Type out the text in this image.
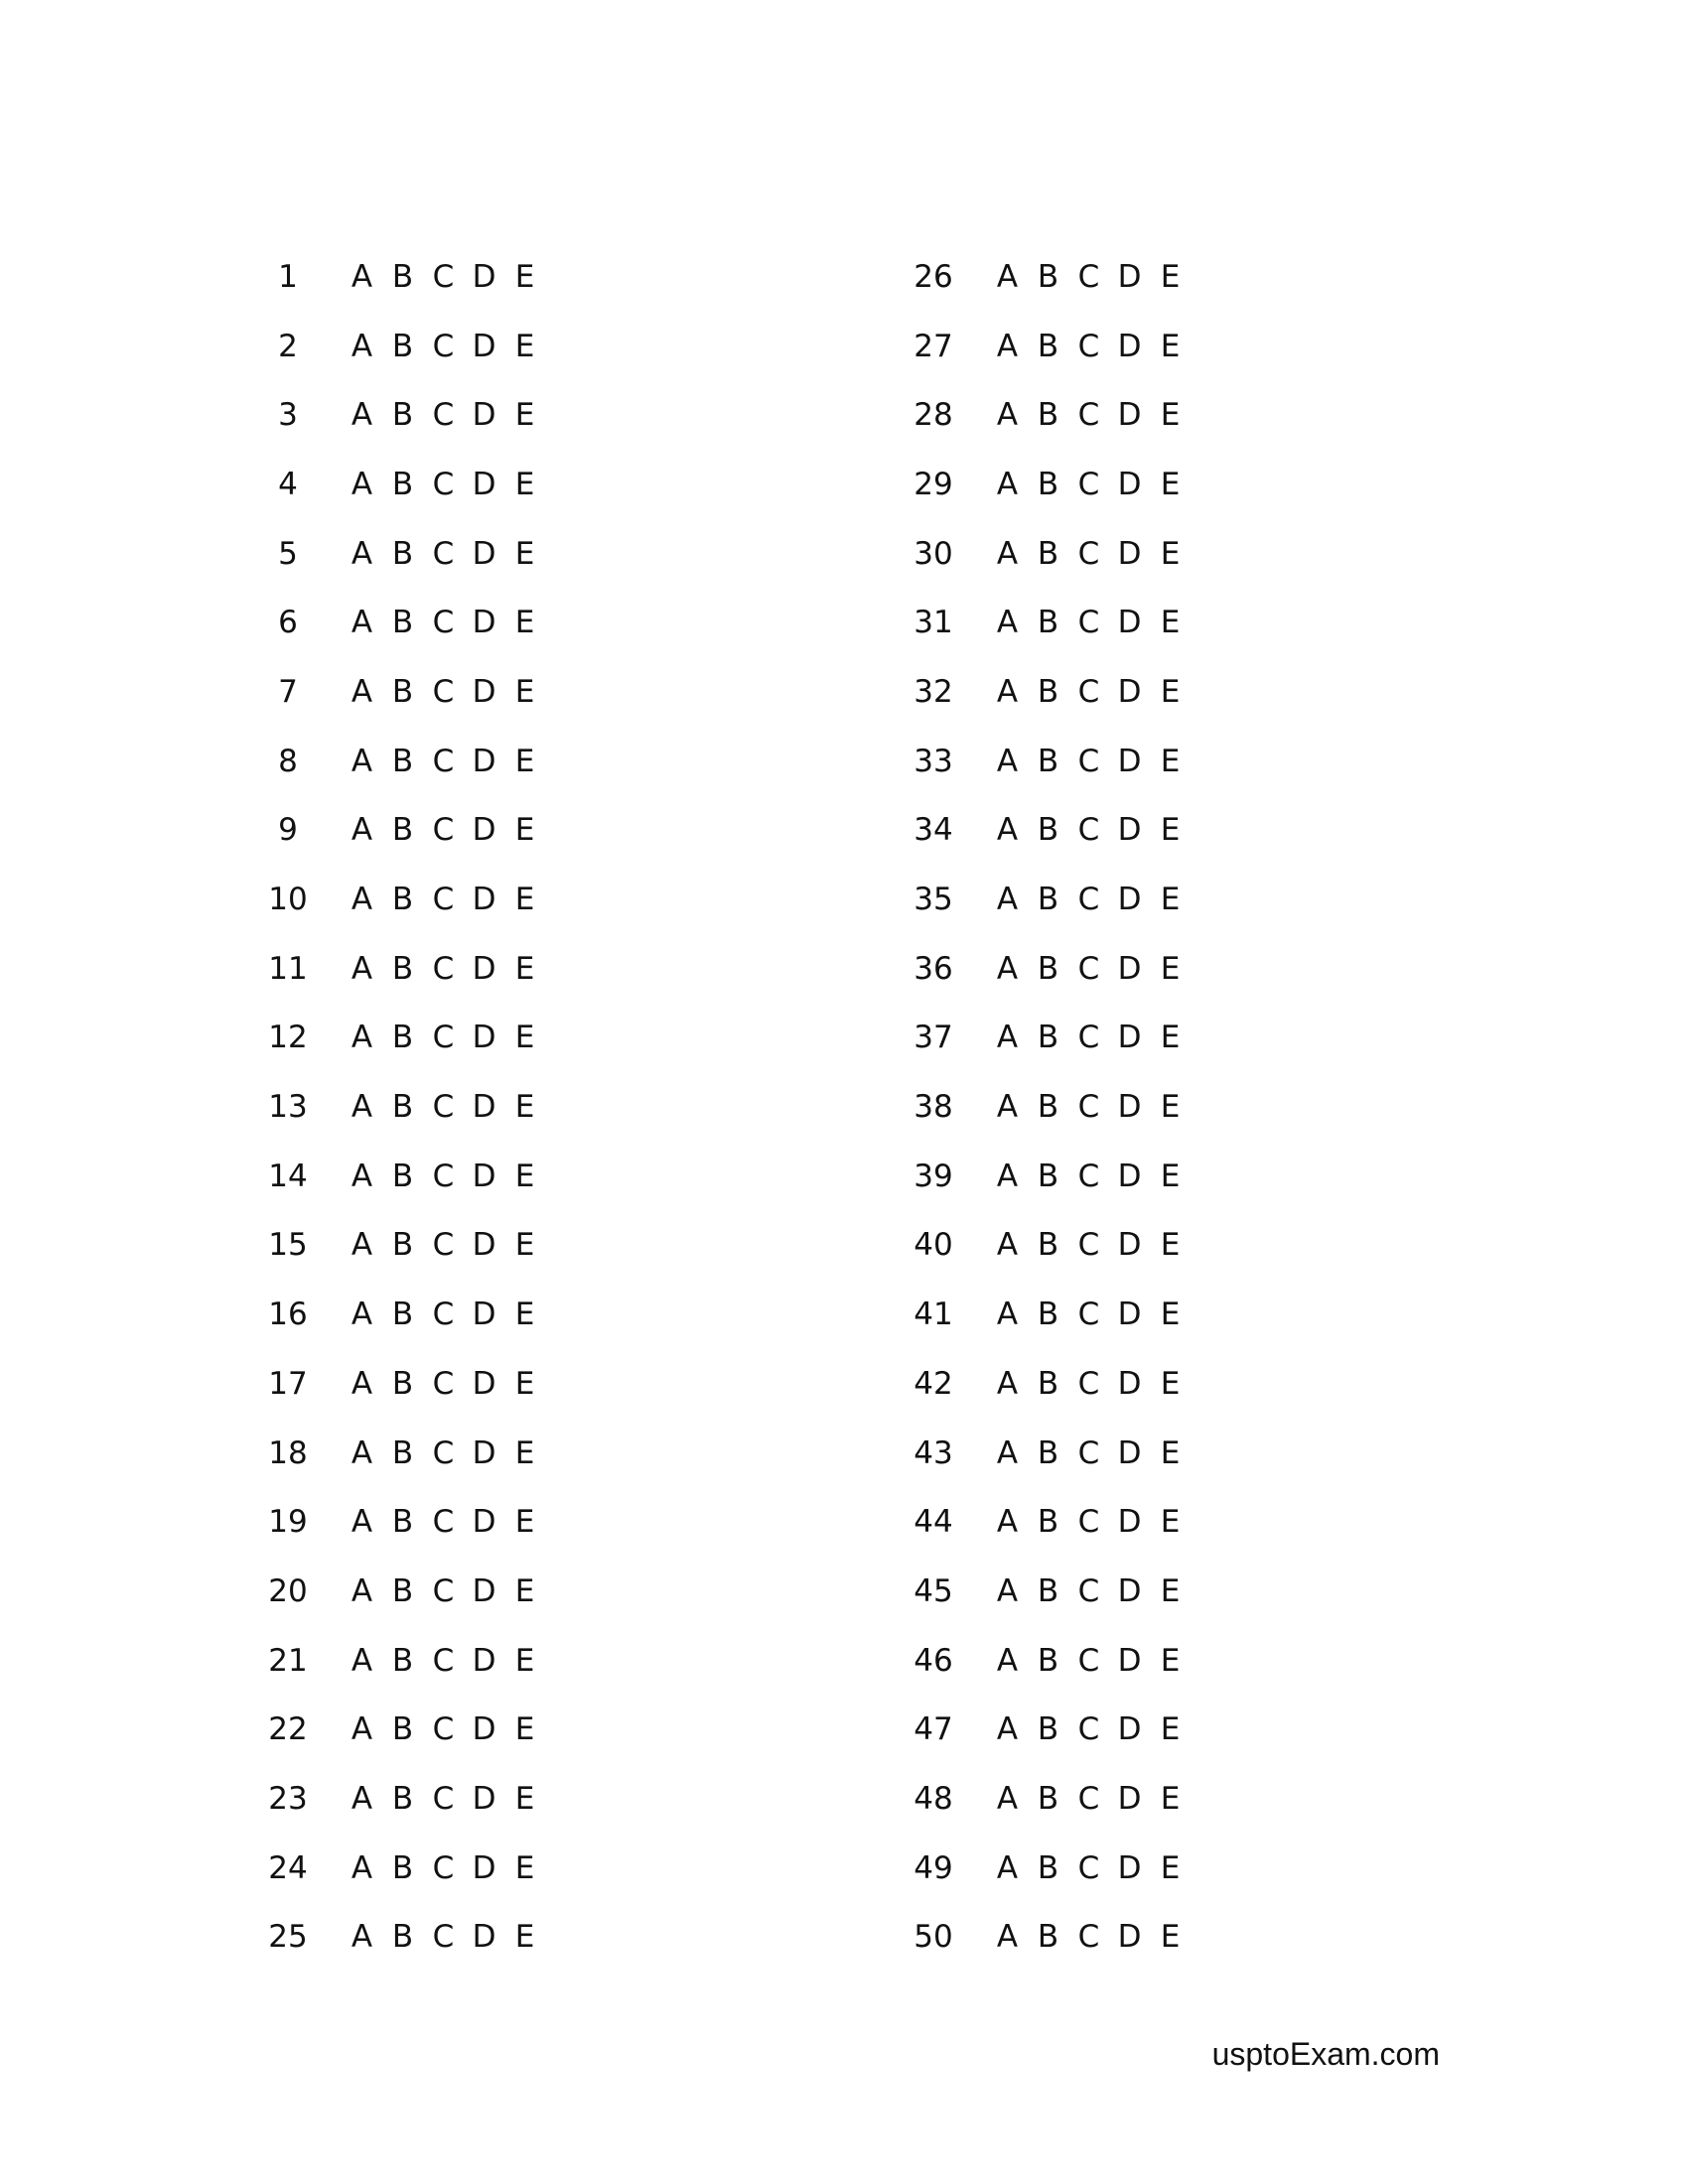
1	A B C D E
2	A B C D E
3	A B C D E
4	A B C D E
5	A B C D E
6	A B C D E
7	A B C D E
8	A B C D E
9	A B C D E
10	A B C D E
11	A B C D E
12	A B C D E
13	A B C D E
14	A B C D E
15	A B C D E
16	A B C D E
17	A B C D E
18	A B C D E
19	A B C D E
20	A B C D E
21	A B C D E
22	A B C D E
23	A B C D E
24	A B C D E
25	A B C D E
26	A B C D E
27	A B C D E
28	A B C D E
29	A B C D E
30	A B C D E
31	A B C D E
32	A B C D E
33	A B C D E
34	A B C D E
35	A B C D E
36	A B C D E
37	A B C D E
38	A B C D E
39	A B C D E
40	A B C D E
41	A B C D E
42	A B C D E
43	A B C D E
44	A B C D E
45	A B C D E
46	A B C D E
47	A B C D E
48	A B C D E
49	A B C D E
50	A B C D E
usptoExam.com
